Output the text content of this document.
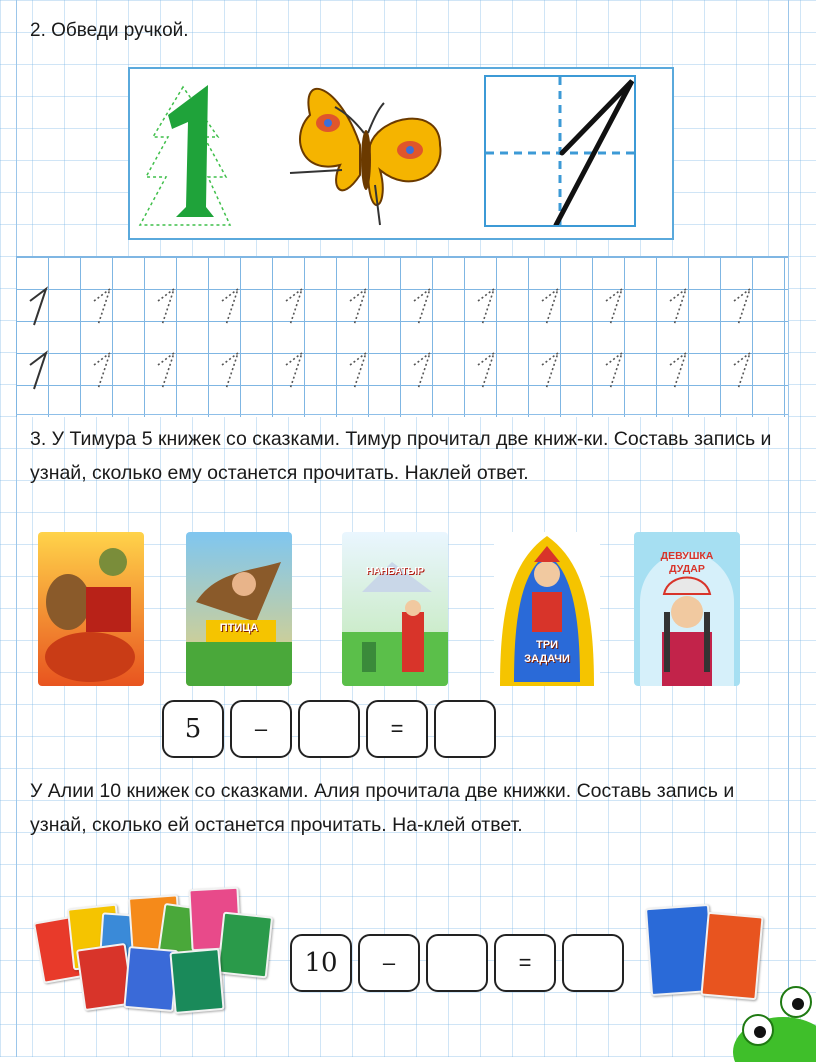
2. Обведи ручкой.
3. У Тимура 5 книжек со сказками. Тимур прочитал две книж-ки. Составь запись и узнай, сколько ему останется прочитать. Наклей ответ.
ПТИЦА
НАНБАТЫР
ТРИ ЗАДАЧИ
ДЕВУШКА ДУДАР
5	–	=
У Алии 10 книжек со сказками. Алия прочитала две книжки. Составь запись и узнай, сколько ей останется прочитать. На-клей ответ.
10	–	=
